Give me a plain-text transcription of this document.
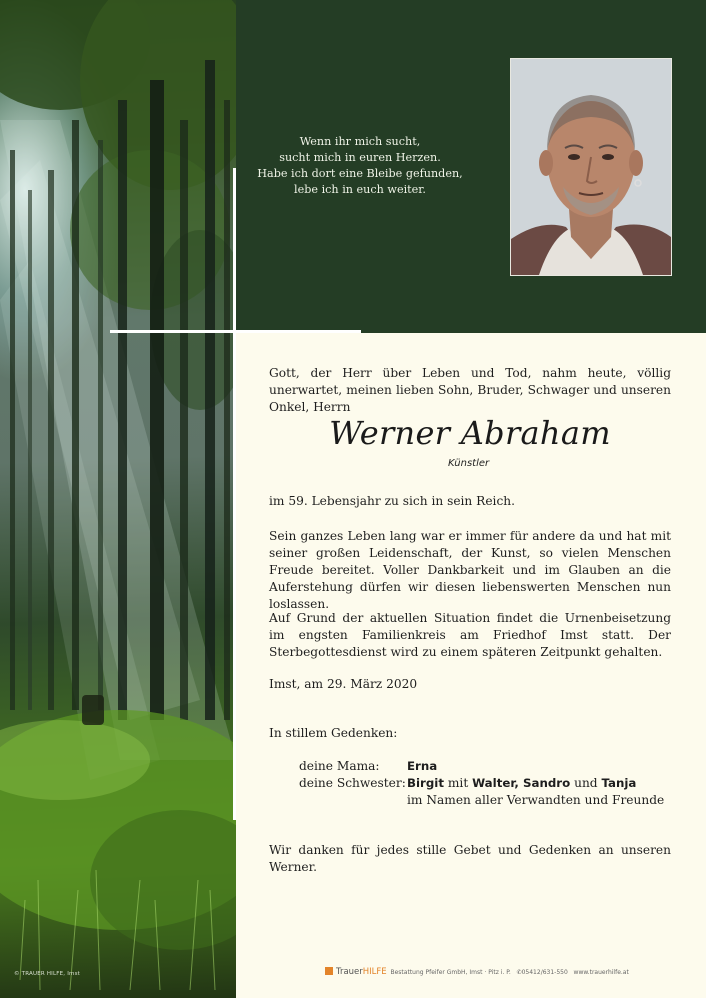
© TRAUER HILFE, Imst
Wenn ihr mich sucht,
sucht mich in euren Herzen.
Habe ich dort eine Bleibe gefunden,
lebe ich in euch weiter.
Gott, der Herr über Leben und Tod, nahm heute, völlig unerwartet, meinen lieben Sohn, Bruder, Schwager und unseren Onkel, Herrn
Werner Abraham
Künstler
im 59. Lebensjahr zu sich in sein Reich.
Sein ganzes Leben lang war er immer für andere da und hat mit seiner großen Leidenschaft, der Kunst, so vielen Menschen Freude bereitet. Voller Dankbarkeit und im Glauben an die Auferstehung dürfen wir diesen liebenswerten Menschen nun loslassen.
Auf Grund der aktuellen Situation findet die Urnenbeisetzung im engsten Familienkreis am Friedhof Imst statt. Der Sterbegottesdienst wird zu einem späteren Zeitpunkt gehalten.
Imst, am 29. März 2020
In stillem Gedenken:
deine Mama: Erna
deine Schwester:Birgit mit Walter, Sandro und Tanja
im Namen aller Verwandten und Freunde
Wir danken für jedes stille Gebet und Gedenken an unseren Werner.
TrauerHILFE Bestattung Pfeifer GmbH, Imst · Pitz i. P. ✆05412/631-550 www.trauerhilfe.at
